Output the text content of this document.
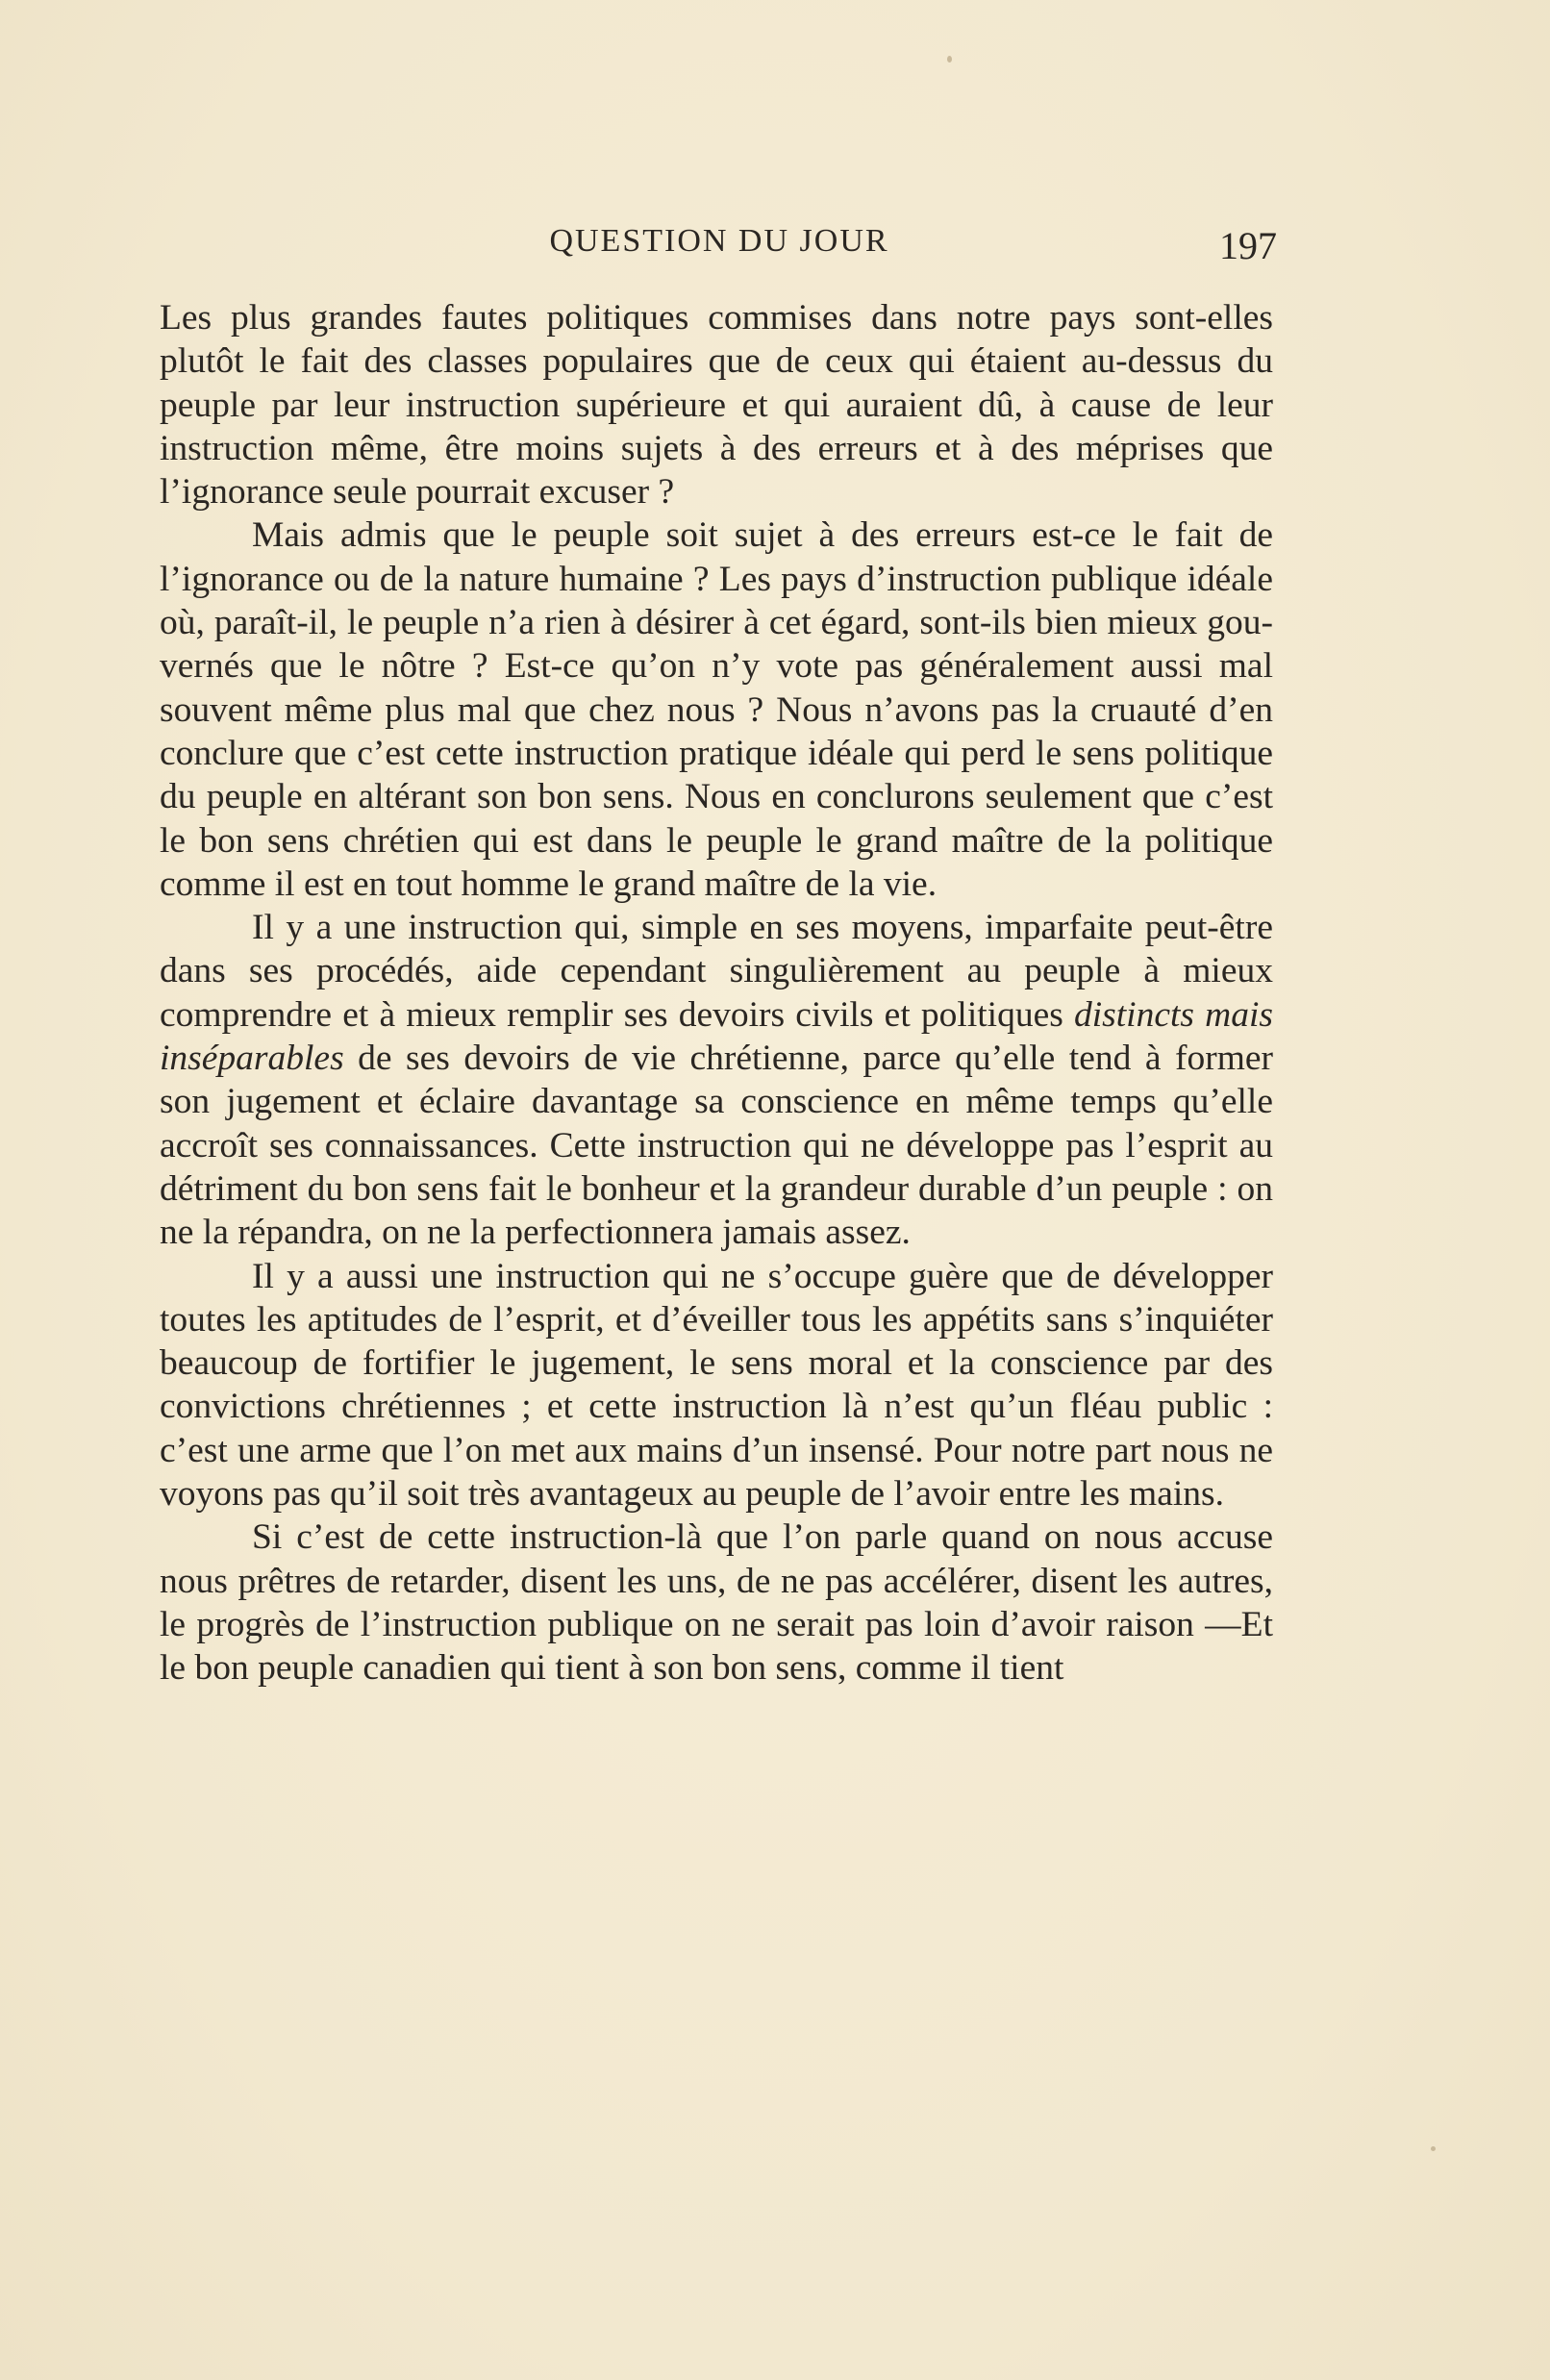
QUESTION DU JOUR	197

Les plus grandes fautes politiques commises dans notre pays sont-elles plutôt le fait des classes populaires que de ceux qui étaient au-dessus du peuple par leur instruction supérieure et qui auraient dû, à cause de leur instruction même, être moins sujets à des erreurs et à des méprises que l’ignorance seule pourrait excuser ?

Mais admis que le peuple soit sujet à des erreurs est-ce le fait de l’ignorance ou de la nature humaine ? Les pays d’instruction publique idéale où, paraît-il, le peuple n’a rien à désirer à cet égard, sont-ils bien mieux gouvernés que le nôtre ? Est-ce qu’on n’y vote pas généralement aussi mal souvent même plus mal que chez nous ? Nous n’avons pas la cruauté d’en conclure que c’est cette instruction pratique idéale qui perd le sens politique du peuple en altérant son bon sens. Nous en conclurons seulement que c’est le bon sens chrétien qui est dans le peuple le grand maître de la politique comme il est en tout homme le grand maître de la vie.

Il y a une instruction qui, simple en ses moyens, imparfaite peut-être dans ses procédés, aide cependant singulièrement au peuple à mieux comprendre et à mieux remplir ses devoirs civils et politiques distincts mais inséparables de ses devoirs de vie chrétienne, parce qu’elle tend à former son jugement et éclaire davantage sa conscience en même temps qu’elle accroît ses connaissances. Cette instruction qui ne développe pas l’esprit au détriment du bon sens fait le bonheur et la grandeur durable d’un peuple : on ne la répandra, on ne la perfectionnera jamais assez.

Il y a aussi une instruction qui ne s’occupe guère que de développer toutes les aptitudes de l’esprit, et d’éveiller tous les appétits sans s’inquiéter beaucoup de fortifier le jugement, le sens moral et la conscience par des convictions chrétiennes ; et cette instruction là n’est qu’un fléau public : c’est une arme que l’on met aux mains d’un insensé. Pour notre part nous ne voyons pas qu’il soit très avantageux au peuple de l’avoir entre les mains.

Si c’est de cette instruction-là que l’on parle quand on nous accuse nous prêtres de retarder, disent les uns, de ne pas accélérer, disent les autres, le progrès de l’instruction publique on ne serait pas loin d’avoir raison —Et le bon peuple canadien qui tient à son bon sens, comme il tient
